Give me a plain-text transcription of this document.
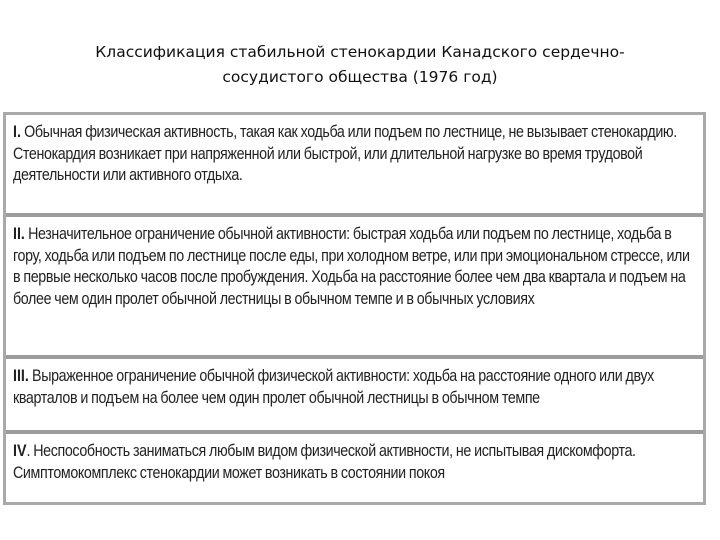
Классификация стабильной стенокардии Канадского сердечно-
сосудистого общества (1976 год)
I. Обычная физическая активность, такая как ходьба или подъем по лестнице, не вызывает стенокардию. Стенокардия возникает при напряженной или быстрой, или длительной нагрузке во время трудовой деятельности или активного отдыха.
II. Незначительное ограничение обычной активности: быстрая ходьба или подъем по лестнице, ходьба в гору, ходьба или подъем по лестнице после еды, при холодном ветре, или при эмоциональном стрессе, или в первые несколько часов после пробуждения. Ходьба на расстояние более чем два квартала и подъем на более чем один пролет обычной лестницы в обычном темпе и в обычных условиях
III. Выраженное ограничение обычной физической активности: ходьба на расстояние одного или двух кварталов и подъем на более чем один пролет обычной лестницы в обычном темпе
IV. Неспособность заниматься любым видом физической активности, не испытывая дискомфорта. Симптомокомплекс стенокардии может возникать в состоянии покоя
